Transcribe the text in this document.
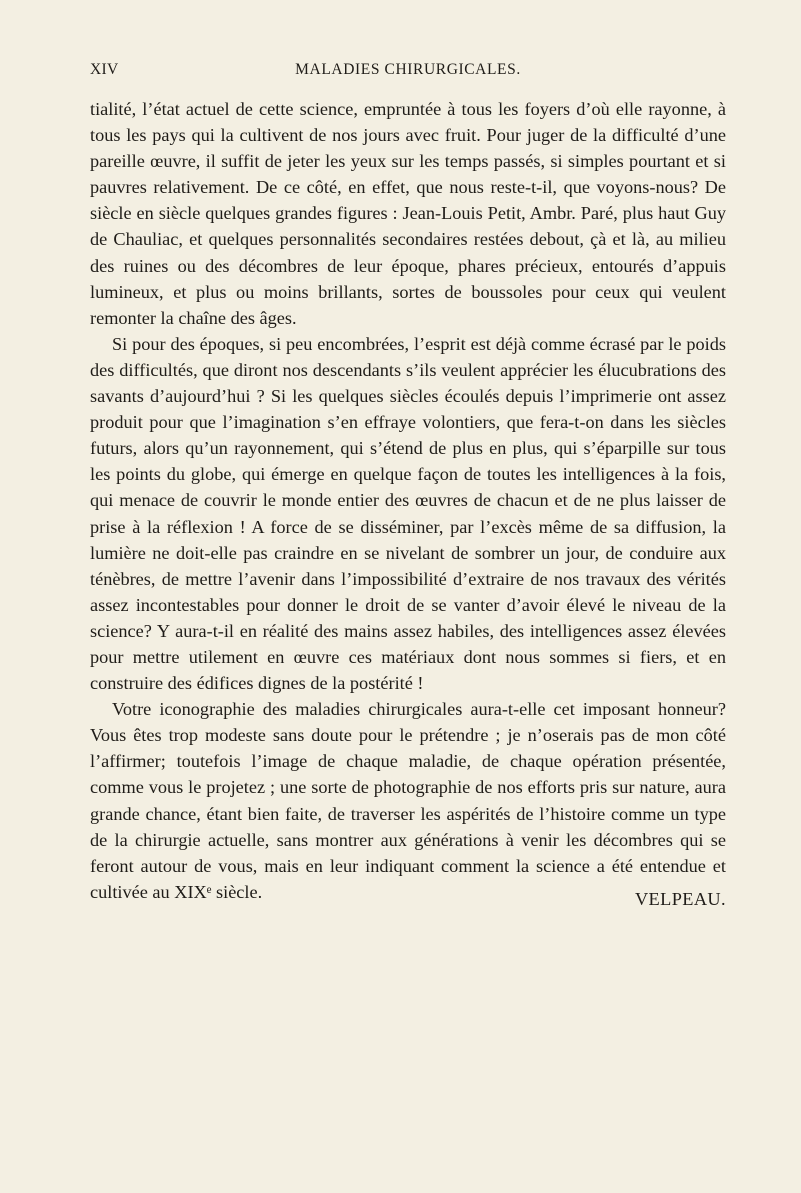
XIV	MALADIES CHIRURGICALES.

tialité, l’état actuel de cette science, empruntée à tous les foyers d’où elle rayonne, à tous les pays qui la cultivent de nos jours avec fruit. Pour juger de la difficulté d’une pareille œuvre, il suffit de jeter les yeux sur les temps passés, si simples pourtant et si pauvres relativement. De ce côté, en effet, que nous reste-t-il, que voyons-nous? De siècle en siècle quelques grandes figures : Jean-Louis Petit, Ambr. Paré, plus haut Guy de Chauliac, et quelques personnalités secondaires restées debout, çà et là, au milieu des ruines ou des décombres de leur époque, phares précieux, entourés d’appuis lumineux, et plus ou moins brillants, sortes de boussoles pour ceux qui veulent remonter la chaîne des âges.

Si pour des époques, si peu encombrées, l’esprit est déjà comme écrasé par le poids des difficultés, que diront nos descendants s’ils veulent apprécier les élucubrations des savants d’aujourd’hui ? Si les quelques siècles écoulés depuis l’imprimerie ont assez produit pour que l’imagination s’en effraye volontiers, que fera-t-on dans les siècles futurs, alors qu’un rayonnement, qui s’étend de plus en plus, qui s’éparpille sur tous les points du globe, qui émerge en quelque façon de toutes les intelligences à la fois, qui menace de couvrir le monde entier des œuvres de chacun et de ne plus laisser de prise à la réflexion ! A force de se disséminer, par l’excès même de sa diffusion, la lumière ne doit-elle pas craindre en se nivelant de sombrer un jour, de conduire aux ténèbres, de mettre l’avenir dans l’impossibilité d’extraire de nos travaux des vérités assez incontestables pour donner le droit de se vanter d’avoir élevé le niveau de la science? Y aura-t-il en réalité des mains assez habiles, des intelligences assez élevées pour mettre utilement en œuvre ces matériaux dont nous sommes si fiers, et en construire des édifices dignes de la postérité !

Votre iconographie des maladies chirurgicales aura-t-elle cet imposant honneur? Vous êtes trop modeste sans doute pour le prétendre ; je n’oserais pas de mon côté l’affirmer; toutefois l’image de chaque maladie, de chaque opération présentée, comme vous le projetez ; une sorte de photographie de nos efforts pris sur nature, aura grande chance, étant bien faite, de traverser les aspérités de l’histoire comme un type de la chirurgie actuelle, sans montrer aux générations à venir les décombres qui se feront autour de vous, mais en leur indiquant comment la science a été entendue et cultivée au XIXᵉ siècle.	VELPEAU.
